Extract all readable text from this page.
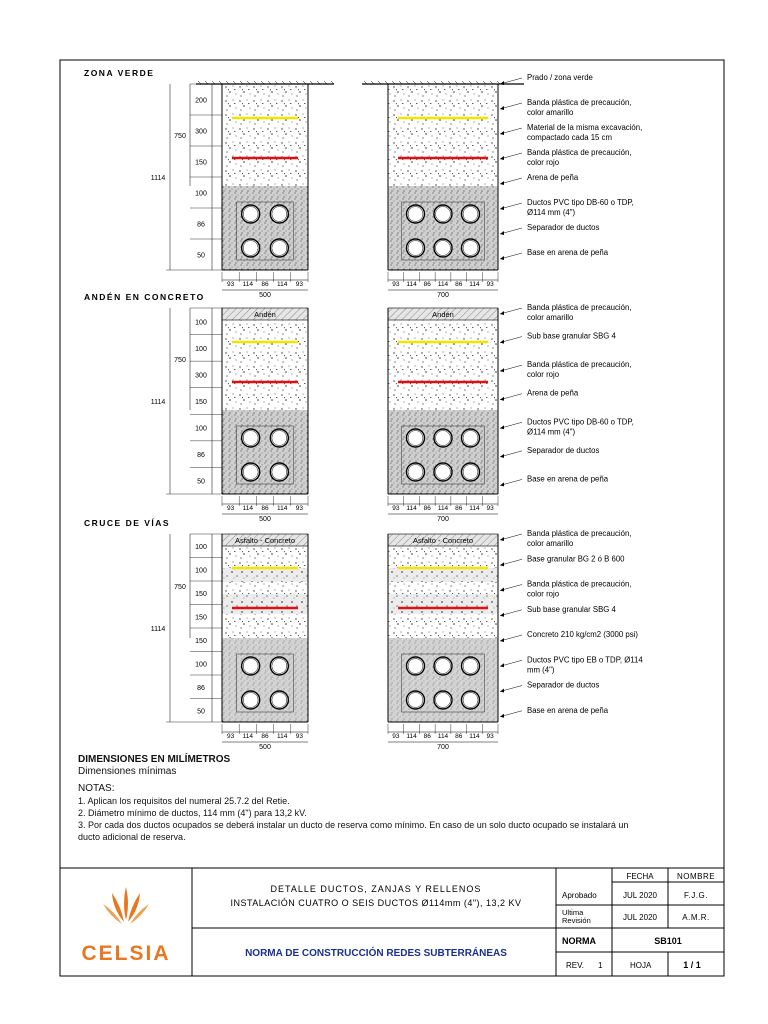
ZONA VERDE
93 114 86 114 93
500
93 114 86 114 86 114 93
700
200
300
150
100
86
50
750
1114
Prado / zona verde
Banda plástica de precaución,
color amarillo
Material de la misma excavación,
compactado cada 15 cm
Banda plástica de precaución,
color rojo
Arena de peña
Ductos PVC tipo DB-60 o TDP,
Ø114 mm (4")
Separador de ductos
Base en arena de peña
ANDÉN EN CONCRETO
Andén
93 114 86 114 93
500
Andén
93 114 86 114 86 114 93
700
100
100
300
150
100
86
50
750
1114
Banda plástica de precaución,
color amarillo
Sub base granular SBG 4
Banda plástica de precaución,
color rojo
Arena de peña
Ductos PVC tipo DB-60 o TDP,
Ø114 mm (4")
Separador de ductos
Base en arena de peña
CRUCE DE VÍAS
Asfalto - Concreto
93 114 86 114 93
500
Asfalto - Concreto
93 114 86 114 86 114 93
700
100
100
150
150
150
100
86
50
750
1114
Banda plástica de precaución,
color amarillo
Base granular BG 2 ó B 600
Banda plástica de precaución,
color rojo
Sub base granular SBG 4
Concreto 210 kg/cm2 (3000 psi)
Ductos PVC tipo EB o TDP, Ø114
mm (4")
Separador de ductos
Base en arena de peña
CELSIA
DETALLE DUCTOS, ZANJAS Y RELLENOS
INSTALACIÓN CUATRO O SEIS DUCTOS Ø114mm (4"), 13,2 KV
NORMA DE CONSTRUCCIÓN REDES SUBTERRÁNEAS
FECHA	NOMBRE
Aprobado	JUL 2020	F.J.G.
Ultima
Revisión	JUL 2020	A.M.R.
NORMA	SB101
REV. 1	HOJA	1 / 1
DIMENSIONES EN MILÍMETROS
Dimensiones mínimas
NOTAS:
1. Aplican los requisitos del numeral 25.7.2 del Retie.
2. Diámetro mínimo de ductos, 114 mm (4") para 13,2 kV.
3. Por cada dos ductos ocupados se deberá instalar un ducto de reserva como mínimo. En caso de un solo ducto ocupado se instalará un
ducto adicional de reserva.
